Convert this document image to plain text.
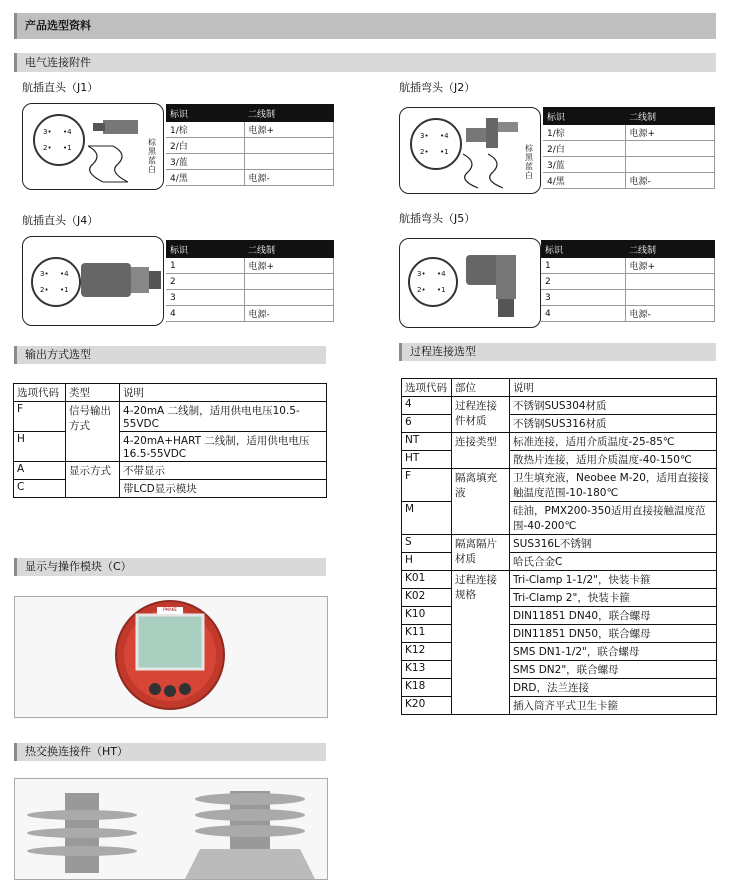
产品选型资料
电气连接附件
航插直头（J1）
3• •4
2• •1
棕
黑
蓝
白
标识	二线制
1/棕	电源+
2/白	
3/蓝	
4/黑	电源-
航插弯头（J2）
3• •4
2• •1	棕
黑
蓝
白
标识	二线制
1/棕	电源+
2/白	
3/蓝	
4/黑	电源-
航插直头（J4）
3• •4
2• •1
标识	二线制
1	电源+
2	
3	
4	电源-
航插弯头（J5）
3• •4
2• •1
标识	二线制
1	电源+
2	
3	
4	电源-
输出方式选型
选项代码	类型	说明
F	信号输出方式	4-20mA 二线制，适用供电电压10.5-55VDC
H		4-20mA+HART 二线制，适用供电电压16.5-55VDC
A	显示方式	不带显示
C		带LCD显示模块
显示与操作模块（C）
PMAKE
热交换连接件（HT）
过程连接选型
选项代码	部位	说明
4	过程连接件材质	不锈钢SUS304材质
6		不锈钢SUS316材质
NT	连接类型	标准连接，适用介质温度-25-85℃
HT		散热片连接，适用介质温度-40-150℃
F	隔离填充液	卫生填充液，Neobee M-20，适用直接接触温度范围-10-180℃
M		硅油，PMX200-350适用直接接触温度范围-40-200℃
S	隔离隔片材质	SUS316L不锈钢
H		哈氏合金C
K01	过程连接规格	Tri-Clamp 1-1/2"，快装卡箍
K02		Tri-Clamp 2"，快装卡箍
K10		DIN11851 DN40，联合螺母
K11		DIN11851 DN50，联合螺母
K12		SMS DN1-1/2"，联合螺母
K13		SMS DN2"，联合螺母
K18		DRD，法兰连接
K20		插入筒齐平式卫生卡箍
